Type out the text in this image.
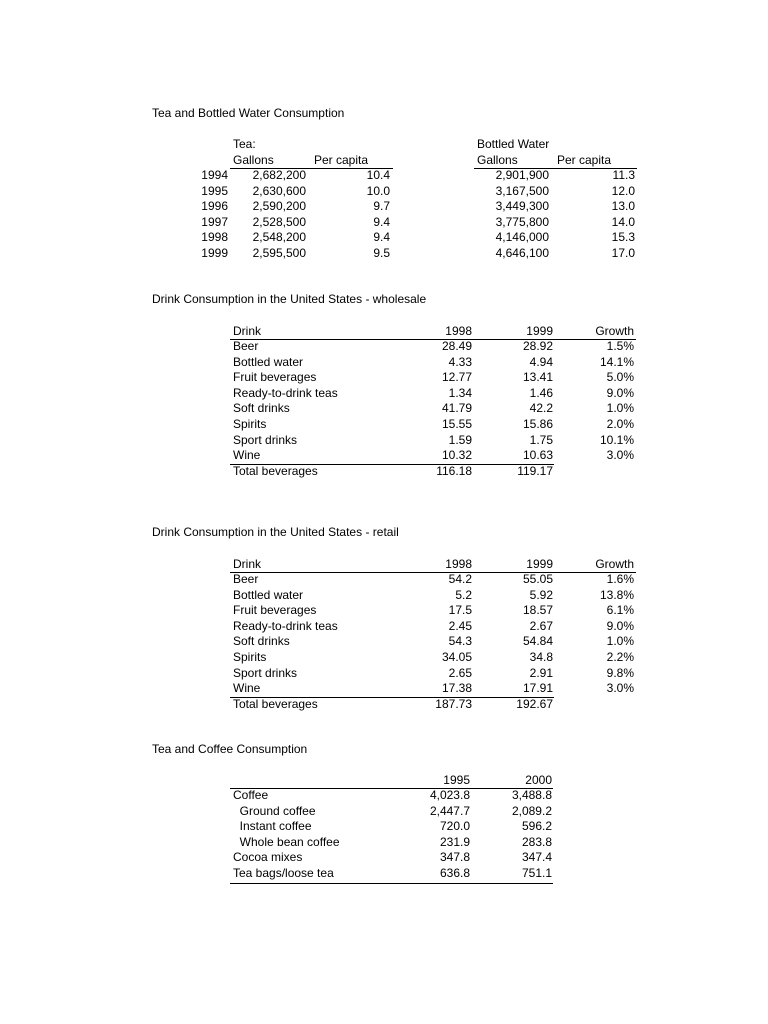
Tea and Bottled Water Consumption
Tea:
Gallons	Per capita
Bottled Water
Gallons	Per capita
1994	2,682,200	10.4	2,901,900	11.3
1995	2,630,600	10.0	3,167,500	12.0
1996	2,590,200	9.7	3,449,300	13.0
1997	2,528,500	9.4	3,775,800	14.0
1998	2,548,200	9.4	4,146,000	15.3
1999	2,595,500	9.5	4,646,100	17.0
Drink Consumption in the United States - wholesale
Drink	1998	1999	Growth
Beer	28.49	28.92	1.5%
Bottled water	4.33	4.94	14.1%
Fruit beverages	12.77	13.41	5.0%
Ready-to-drink teas	1.34	1.46	9.0%
Soft drinks	41.79	42.2	1.0%
Spirits	15.55	15.86	2.0%
Sport drinks	1.59	1.75	10.1%
Wine	10.32	10.63	3.0%
Total beverages	116.18	119.17
Drink Consumption in the United States - retail
Drink	1998	1999	Growth
Beer	54.2	55.05	1.6%
Bottled water	5.2	5.92	13.8%
Fruit beverages	17.5	18.57	6.1%
Ready-to-drink teas	2.45	2.67	9.0%
Soft drinks	54.3	54.84	1.0%
Spirits	34.05	34.8	2.2%
Sport drinks	2.65	2.91	9.8%
Wine	17.38	17.91	3.0%
Total beverages	187.73	192.67
Tea and Coffee Consumption
1995	2000
Coffee	4,023.8	3,488.8
Ground coffee	2,447.7	2,089.2
Instant coffee	720.0	596.2
Whole bean coffee	231.9	283.8
Cocoa mixes	347.8	347.4
Tea bags/loose tea	636.8	751.1
